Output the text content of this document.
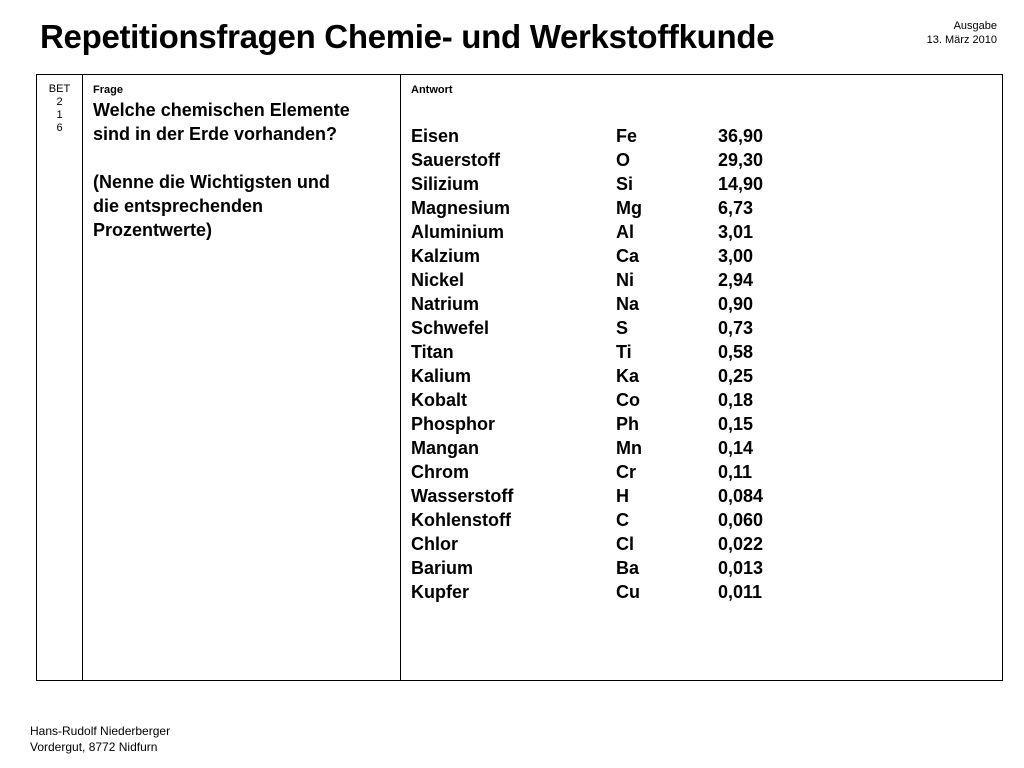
Repetitionsfragen Chemie- und Werkstoffkunde	Ausgabe
13. März 2010
BET
2
1
6
Frage
Welche chemischen Elemente
sind in der Erde vorhanden?
(Nenne die Wichtigsten und
die entsprechenden
Prozentwerte)
Antwort
Eisen	Fe	36,90
Sauerstoff	O	29,30
Silizium	Si	14,90
Magnesium	Mg	6,73
Aluminium	Al	3,01
Kalzium	Ca	3,00
Nickel	Ni	2,94
Natrium	Na	0,90
Schwefel	S	0,73
Titan	Ti	0,58
Kalium	Ka	0,25
Kobalt	Co	0,18
Phosphor	Ph	0,15
Mangan	Mn	0,14
Chrom	Cr	0,11
Wasserstoff	H	0,084
Kohlenstoff	C	0,060
Chlor	Cl	0,022
Barium	Ba	0,013
Kupfer	Cu	0,011
Hans-Rudolf Niederberger
Vordergut, 8772 Nidfurn
